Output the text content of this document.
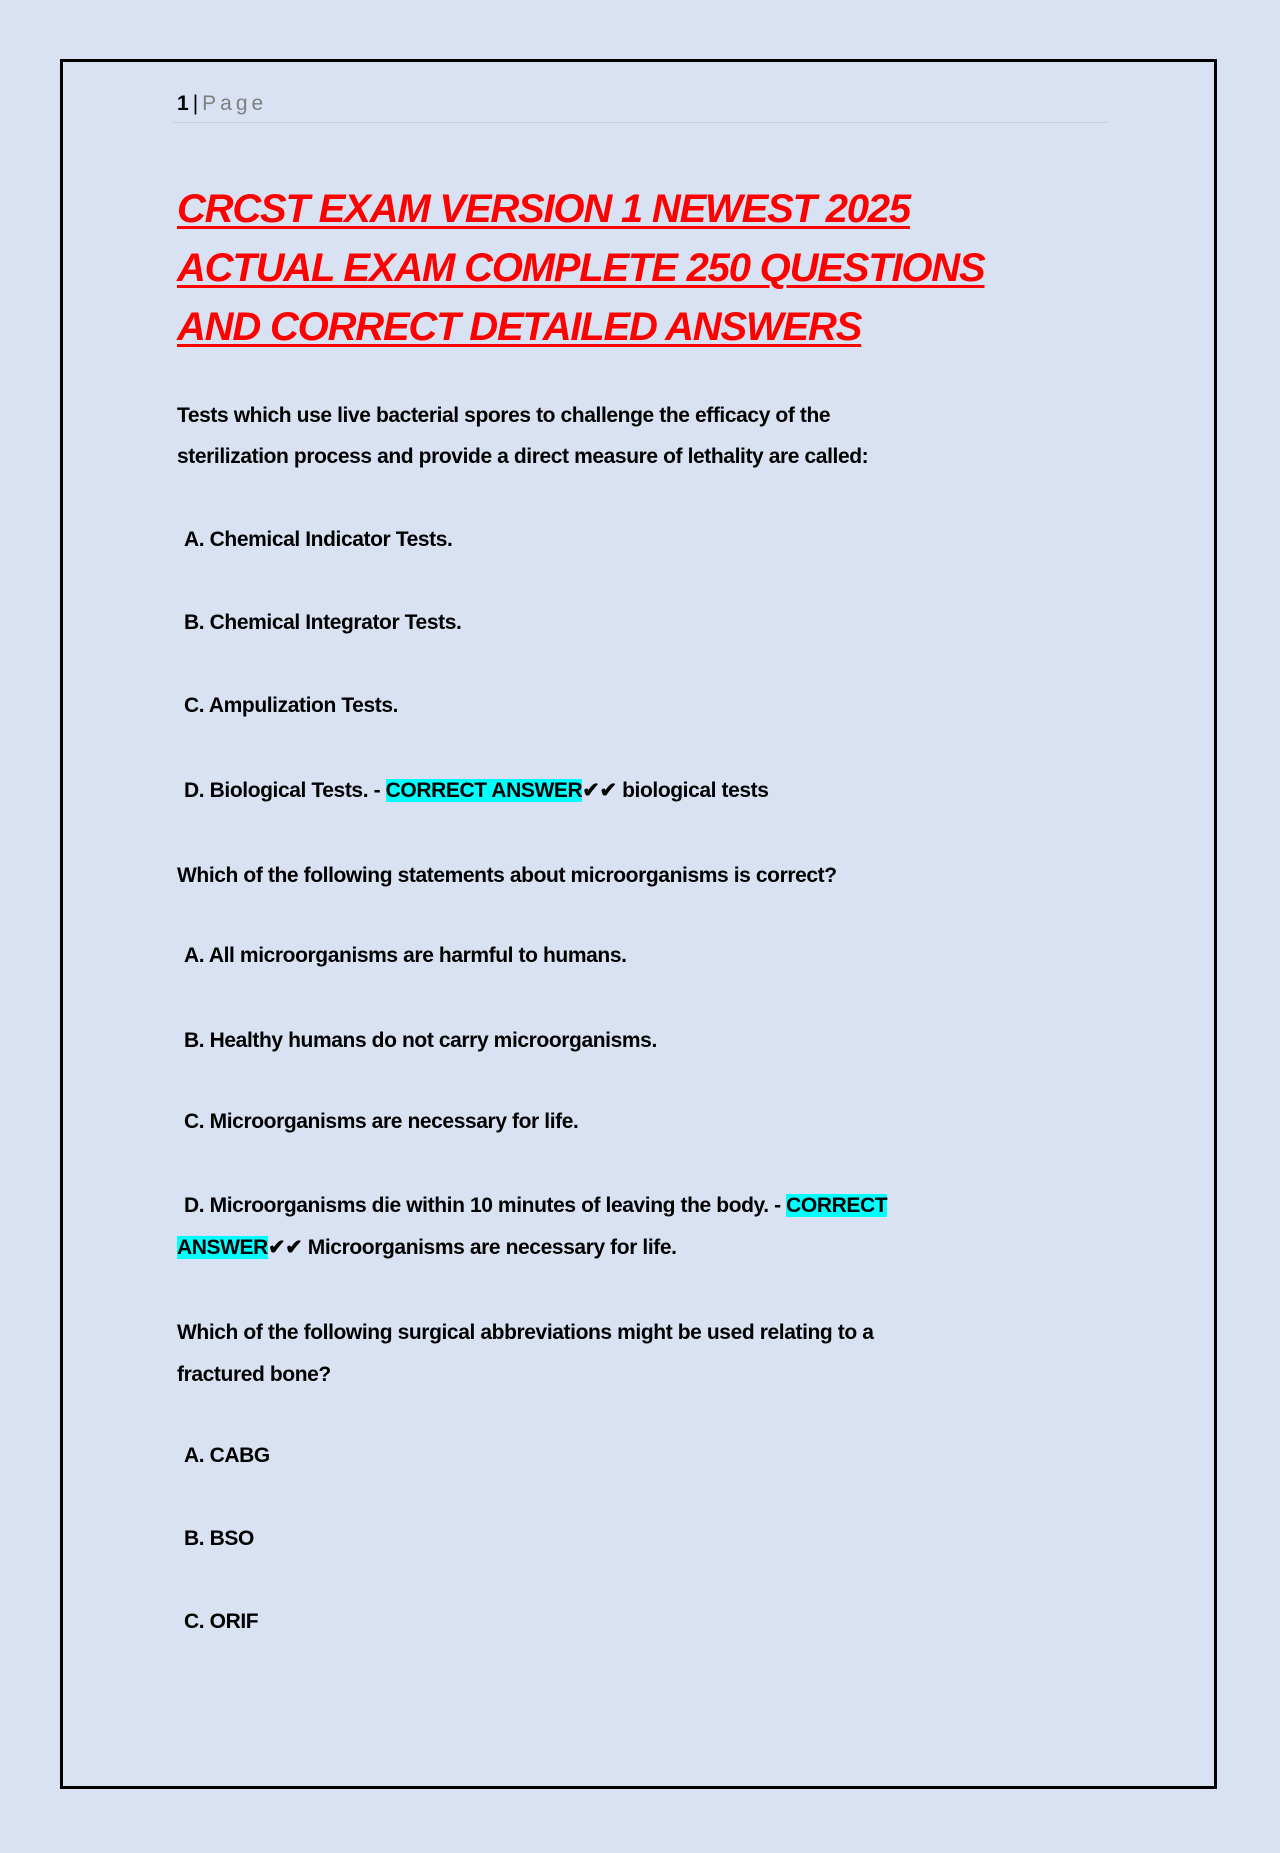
1 | Page
CRCST EXAM VERSION 1 NEWEST 2025
ACTUAL EXAM COMPLETE 250 QUESTIONS
AND CORRECT DETAILED ANSWERS
Tests which use live bacterial spores to challenge the efficacy of the
sterilization process and provide a direct measure of lethality are called:
A. Chemical Indicator Tests.
B. Chemical Integrator Tests.
C. Ampulization Tests.
D. Biological Tests. - CORRECT ANSWER✔✔ biological tests
Which of the following statements about microorganisms is correct?
A. All microorganisms are harmful to humans.
B. Healthy humans do not carry microorganisms.
C. Microorganisms are necessary for life.
D. Microorganisms die within 10 minutes of leaving the body. - CORRECT
ANSWER✔✔ Microorganisms are necessary for life.
Which of the following surgical abbreviations might be used relating to a
fractured bone?
A. CABG
B. BSO
C. ORIF
